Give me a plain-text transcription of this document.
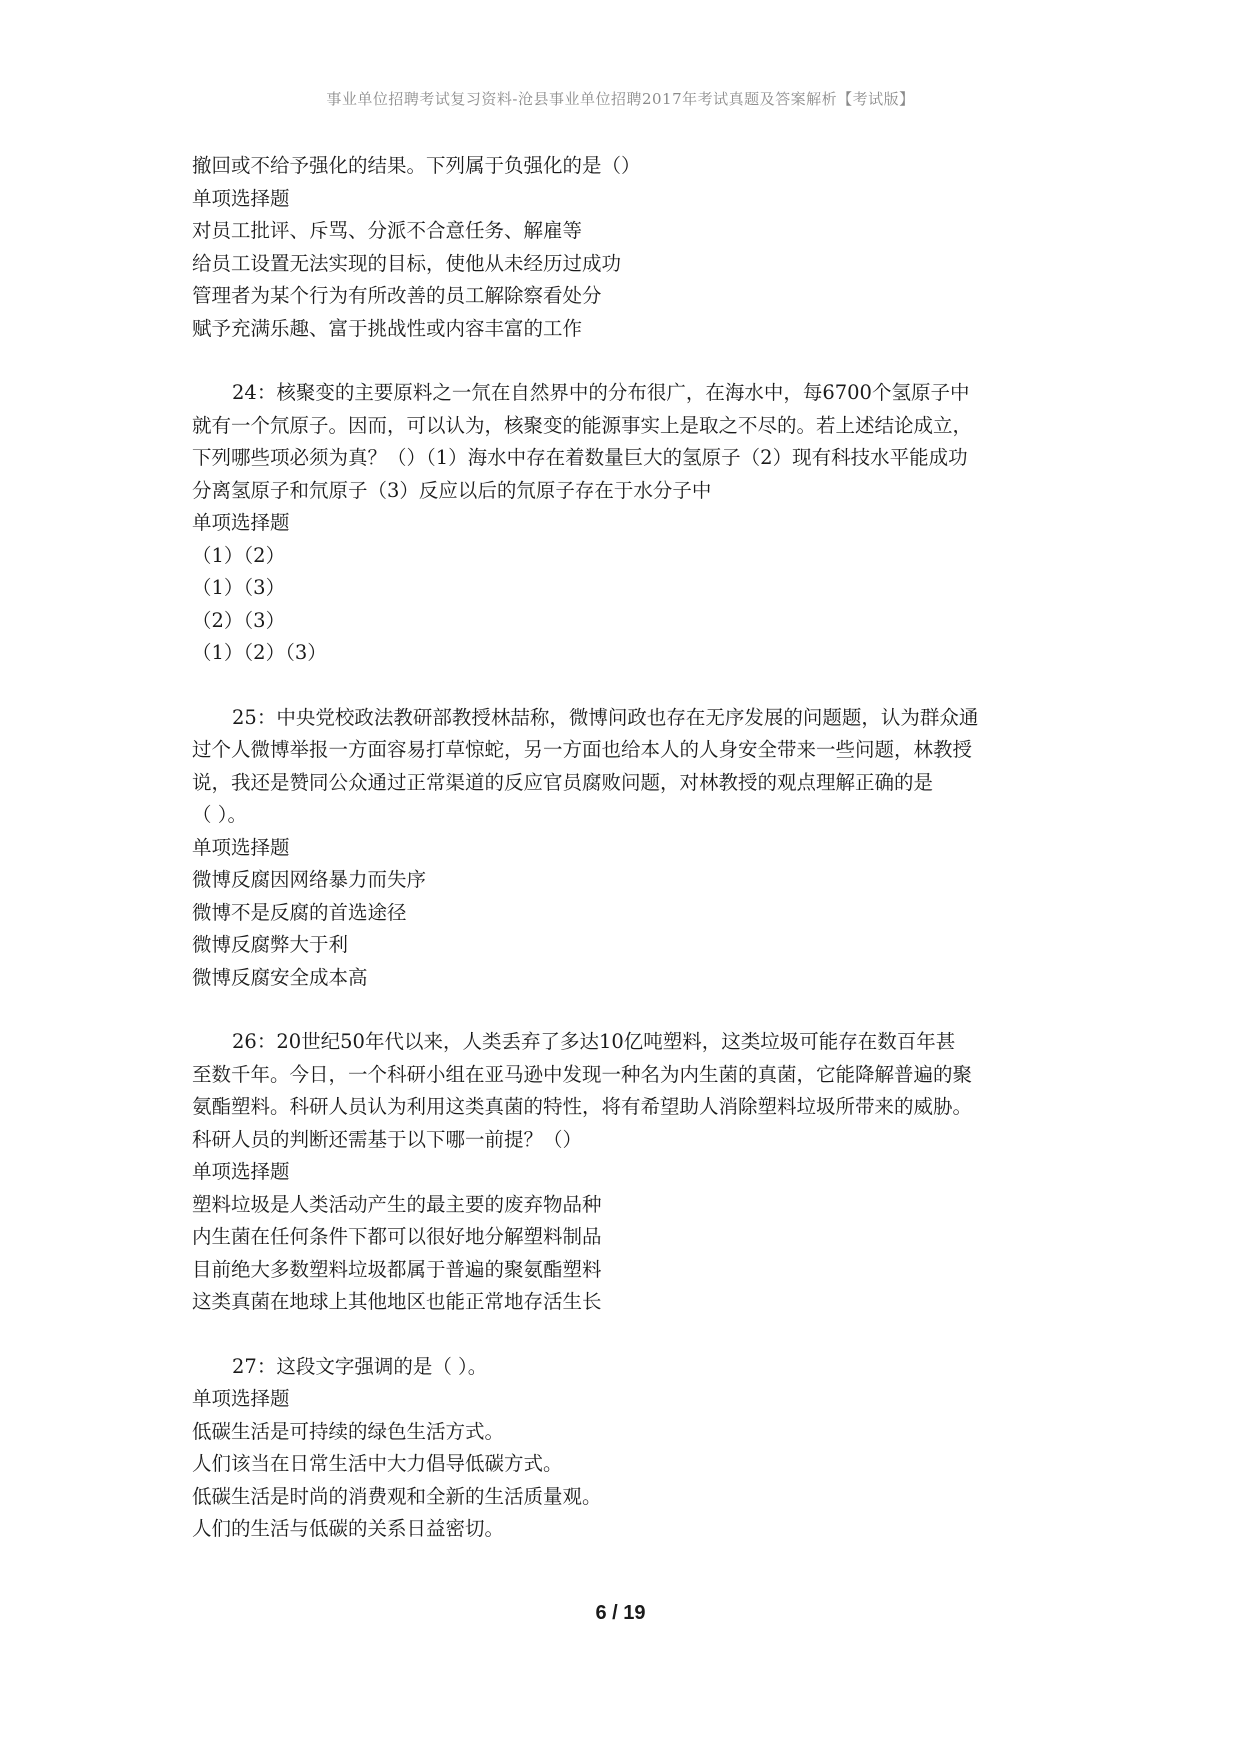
事业单位招聘考试复习资料-沧县事业单位招聘2017年考试真题及答案解析【考试版】
撤回或不给予强化的结果。下列属于负强化的是（）
单项选择题
对员工批评、斥骂、分派不合意任务、解雇等
给员工设置无法实现的目标，使他从未经历过成功
管理者为某个行为有所改善的员工解除察看处分
赋予充满乐趣、富于挑战性或内容丰富的工作
24：核聚变的主要原料之一氘在自然界中的分布很广，在海水中，每6700个氢原子中
就有一个氘原子。因而，可以认为，核聚变的能源事实上是取之不尽的。若上述结论成立，
下列哪些项必须为真？（）（1）海水中存在着数量巨大的氢原子（2）现有科技水平能成功
分离氢原子和氘原子（3）反应以后的氘原子存在于水分子中
单项选择题
（1）（2）
（1）（3）
（2）（3）
（1）（2）（3）
25：中央党校政法教研部教授林喆称，微博问政也存在无序发展的问题题，认为群众通
过个人微博举报一方面容易打草惊蛇，另一方面也给本人的人身安全带来一些问题，林教授
说，我还是赞同公众通过正常渠道的反应官员腐败问题，对林教授的观点理解正确的是
（ ）。
单项选择题
微博反腐因网络暴力而失序
微博不是反腐的首选途径
微博反腐弊大于利
微博反腐安全成本高
26：20世纪50年代以来，人类丢弃了多达10亿吨塑料，这类垃圾可能存在数百年甚
至数千年。今日，一个科研小组在亚马逊中发现一种名为内生菌的真菌，它能降解普遍的聚
氨酯塑料。科研人员认为利用这类真菌的特性，将有希望助人消除塑料垃圾所带来的威胁。
科研人员的判断还需基于以下哪一前提？（）
单项选择题
塑料垃圾是人类活动产生的最主要的废弃物品种
内生菌在任何条件下都可以很好地分解塑料制品
目前绝大多数塑料垃圾都属于普遍的聚氨酯塑料
这类真菌在地球上其他地区也能正常地存活生长
27：这段文字强调的是（ ）。
单项选择题
低碳生活是可持续的绿色生活方式。
人们该当在日常生活中大力倡导低碳方式。
低碳生活是时尚的消费观和全新的生活质量观。
人们的生活与低碳的关系日益密切。
6 / 19
